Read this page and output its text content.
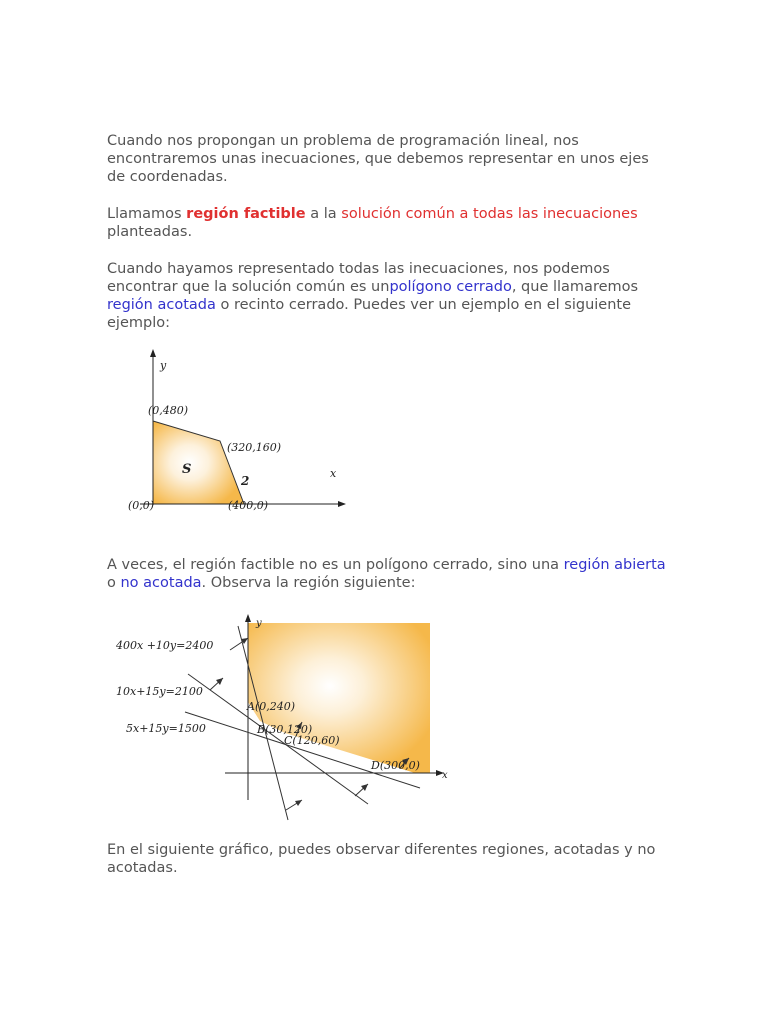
Cuando nos propongan un problema de programación lineal, nos encontraremos unas inecuaciones, que debemos representar en unos ejes de coordenadas.

Llamamos región factible a la solución común a todas las inecuaciones planteadas.

Cuando hayamos representado todas las inecuaciones, nos podemos encontrar que la solución común es unpolígono cerrado, que llamaremos región acotada o recinto cerrado. Puedes ver un ejemplo en el siguiente ejemplo:

y
x
(0,480)
(320,160)
(0,0)	(400,0)
S
2

A veces, el región factible no es un polígono cerrado, sino una región abierta o no acotada. Observa la región siguiente:

y
x
400x +10y=2400
10x+15y=2100
5x+15y=1500
A(0,240)
B(30,120)
C(120,60)
D(300,0)

En el siguiente gráfico, puedes observar diferentes regiones, acotadas y no acotadas.
